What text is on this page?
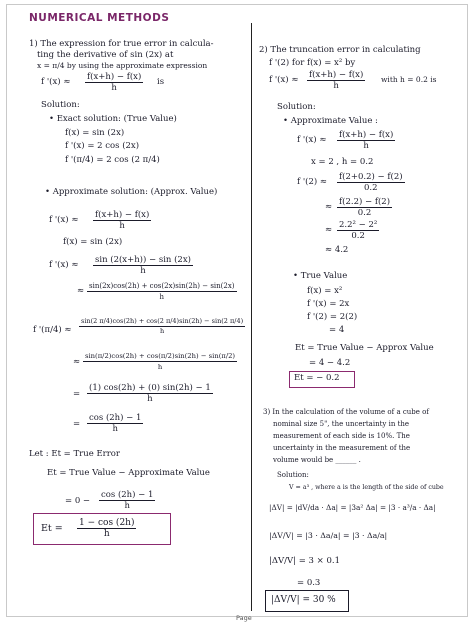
NUMERICAL METHODS
1) The expression for true error in calcula-
ting the derivative of sin (2x) at
x = π/4 by using the approximate expression
f '$(x) \approx \frac{f(x+h) - f(x)}{h}$ is
Solution:
• Exact solution: (True Value)
f(x) = sin (2x)
f '(x) = 2 cos (2x)
f '(π/4) = 2 cos (2 π/4)
• Approximate solution: (Approx. Value)
f '$(x) \approx \frac{f(x+h) - f(x)}{h}$
f(x) = sin (2x)
f '$(x) \approx \frac{\sin (2(x+h)) - \sin (2x)}{h}$
≈ $\frac{\sin(2x)\cos(2h) + \cos(2x)\sin(2h) - \sin(2x)}{h}$
f '$(\pi/4) \approx \frac{\sin(2 \pi/4)\cos(2h) + \cos(2 \pi/4)\sin(2h) - \sin(2 \pi/4)}{h}$
≈ $\frac{\sin(\pi/2)\cos(2h) + \cos(\pi/2)\sin(2h) - \sin(\pi/2)}{h}$
= $\frac{(1) \cos(2h) + (0) \sin(2h) - 1}{h}$
= $\frac{\cos (2h) - 1}{h}$
Let : Et = True Error
Et = True Value − Approximate Value
= $0 - \frac{\cos (2h) - 1}{h}$
$Et = \frac{1 - \cos (2h)}{h}$
2) The truncation error in calculating
f '(2) for f(x) = x² by
f '$(x) \approx \frac{f(x+h) - f(x)}{h}$ with h = 0.2 is
Solution:
• Approximate Value :
f '$(x) \approx \frac{f(x+h) - f(x)}{h}$
x = 2 , h = 0.2
f '$(2) \approx \frac{f(2+0.2) - f(2)}{0.2}$
≈ $\frac{f(2.2) - f(2)}{0.2}$
≈ $\frac{\text{2.2² − 2²}}{0.2}$
≈ 4.2
• True Value
f(x) = x²
f '(x) = 2x
f '(2) = 2(2)
= 4
Et = True Value − Approx Value
= 4 − 4.2
Et = − 0.2
3) In the calculation of the volume of a cube of
nominal size 5", the uncertainty in the
measurement of each side is 10%. The
uncertainty in the measurement of the
volume would be ______ .
Solution:
V = a³ , where a is the length of the side of cube
|ΔV| = |dV/da · Δa| = |3a² Δa| = |3 · a³/a · Δa|
|ΔV/V| = |3 · Δa/a| = |3 · Δa/a|
|ΔV/V| = 3 × 0.1
= 0.3
|ΔV/V| = 30 %
Page
